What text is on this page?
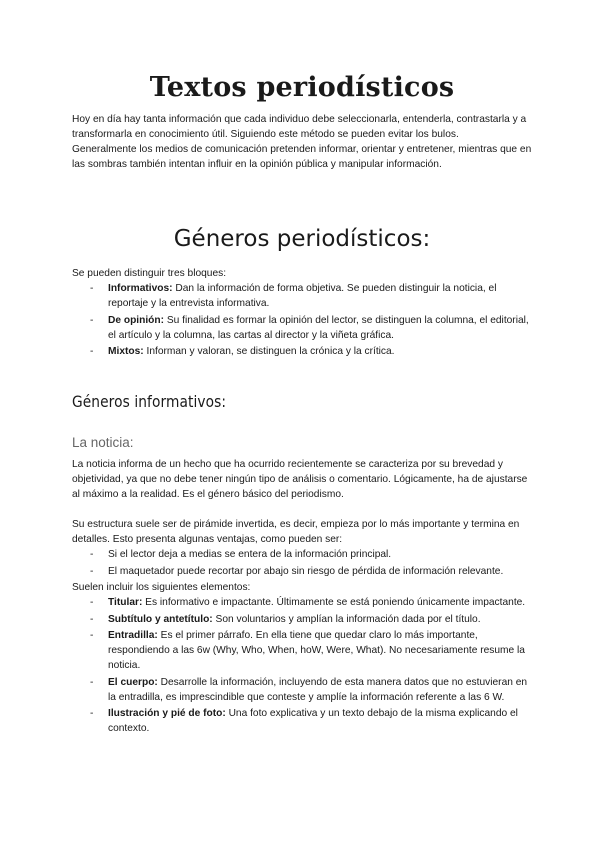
Textos periodísticos

Hoy en día hay tanta información que cada individuo debe seleccionarla, entenderla, contrastarla y a transformarla en conocimiento útil. Siguiendo este método se pueden evitar los bulos.

Generalmente los medios de comunicación pretenden informar, orientar y entretener, mientras que en las sombras también intentan influir en la opinión pública y manipular información.

Géneros periodísticos:

Se pueden distinguir tres bloques:

- Informativos: Dan la información de forma objetiva. Se pueden distinguir la noticia, el reportaje y la entrevista informativa.
- De opinión: Su finalidad es formar la opinión del lector, se distinguen la columna, el editorial, el artículo y la columna, las cartas al director y la viñeta gráfica.
- Mixtos: Informan y valoran, se distinguen la crónica y la crítica.
Géneros informativos:
La noticia:

La noticia informa de un hecho que ha ocurrido recientemente se caracteriza por su brevedad y objetividad, ya que no debe tener ningún tipo de análisis o comentario. Lógicamente, ha de ajustarse al máximo a la realidad. Es el género básico del periodismo.

Su estructura suele ser de pirámide invertida, es decir, empieza por lo más importante y termina en detalles. Esto presenta algunas ventajas, como pueden ser:

- Si el lector deja a medias se entera de la información principal.
- El maquetador puede recortar por abajo sin riesgo de pérdida de información relevante.

Suelen incluir los siguientes elementos:

- Titular: Es informativo e impactante. Últimamente se está poniendo únicamente impactante.
- Subtítulo y antetítulo: Son voluntarios y amplían la información dada por el título.
- Entradilla: Es el primer párrafo. En ella tiene que quedar claro lo más importante, respondiendo a las 6w (Why, Who, When, hoW, Were, What). No necesariamente resume la noticia.
- El cuerpo: Desarrolle la información, incluyendo de esta manera datos que no estuvieran en la entradilla, es imprescindible que conteste y amplíe la información referente a las 6 W.
- Ilustración y pié de foto: Una foto explicativa y un texto debajo de la misma explicando el contexto.
